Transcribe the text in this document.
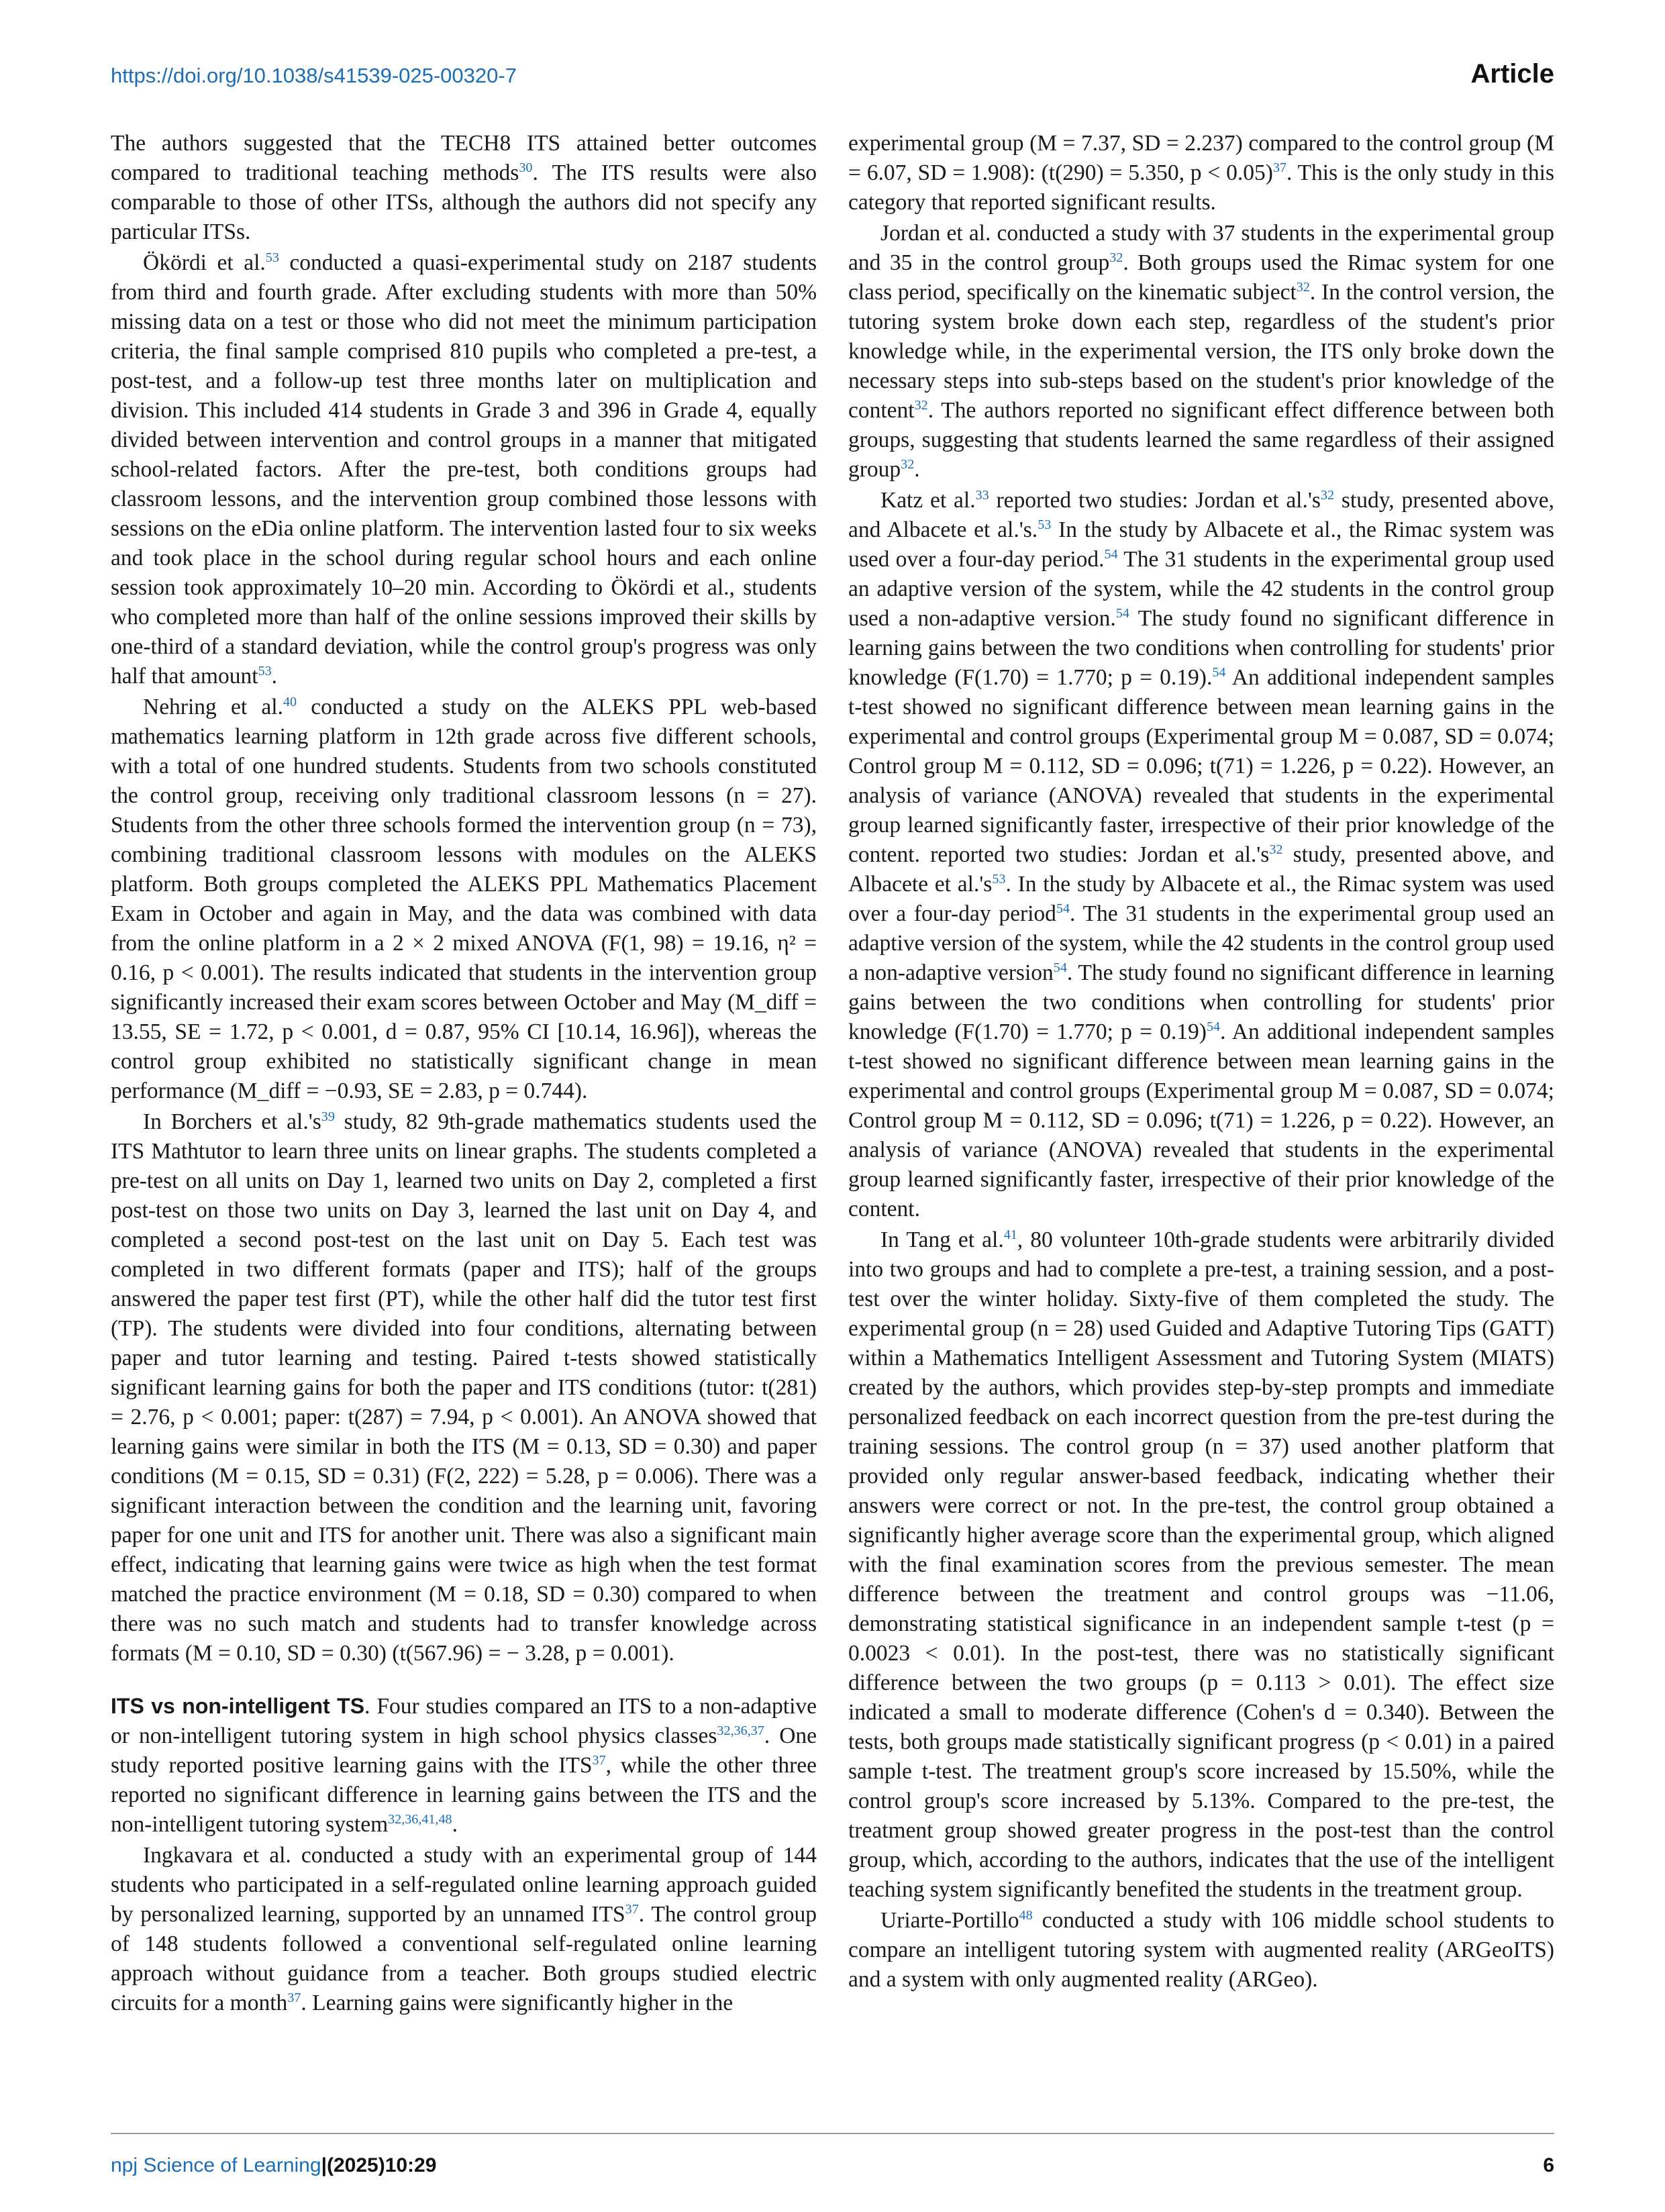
https://doi.org/10.1038/s41539-025-00320-7	Article

The authors suggested that the TECH8 ITS attained better outcomes compared to traditional teaching methods$^{30}$. The ITS results were also comparable to those of other ITSs, although the authors did not specify any particular ITSs.

Ökördi et al.$^{53}$ conducted a quasi-experimental study on 2187 students from third and fourth grade. After excluding students with more than 50% missing data on a test or those who did not meet the minimum participation criteria, the final sample comprised 810 pupils who completed a pre-test, a post-test, and a follow-up test three months later on multiplication and division. This included 414 students in Grade 3 and 396 in Grade 4, equally divided between intervention and control groups in a manner that mitigated school-related factors. After the pre-test, both conditions groups had classroom lessons, and the intervention group combined those lessons with sessions on the eDia online platform. The intervention lasted four to six weeks and took place in the school during regular school hours and each online session took approximately 10–20 min. According to Ökördi et al., students who completed more than half of the online sessions improved their skills by one-third of a standard deviation, while the control group's progress was only half that amount$^{53}$.

Nehring et al.$^{40}$ conducted a study on the ALEKS PPL web-based mathematics learning platform in 12th grade across five different schools, with a total of one hundred students. Students from two schools constituted the control group, receiving only traditional classroom lessons (n = 27). Students from the other three schools formed the intervention group (n = 73), combining traditional classroom lessons with modules on the ALEKS platform. Both groups completed the ALEKS PPL Mathematics Placement Exam in October and again in May, and the data was combined with data from the online platform in a 2 × 2 mixed ANOVA (F(1, 98) = 19.16, η² = 0.16, p < 0.001). The results indicated that students in the intervention group significantly increased their exam scores between October and May (M_diff = 13.55, SE = 1.72, p < 0.001, d = 0.87, 95% CI [10.14, 16.96]), whereas the control group exhibited no statistically significant change in mean performance (M_diff = −0.93, SE = 2.83, p = 0.744).

In Borchers et al.'s$^{39}$ study, 82 9th-grade mathematics students used the ITS Mathtutor to learn three units on linear graphs. The students completed a pre-test on all units on Day 1, learned two units on Day 2, completed a first post-test on those two units on Day 3, learned the last unit on Day 4, and completed a second post-test on the last unit on Day 5. Each test was completed in two different formats (paper and ITS); half of the groups answered the paper test first (PT), while the other half did the tutor test first (TP). The students were divided into four conditions, alternating between paper and tutor learning and testing. Paired t-tests showed statistically significant learning gains for both the paper and ITS conditions (tutor: t(281) = 2.76, p < 0.001; paper: t(287) = 7.94, p < 0.001). An ANOVA showed that learning gains were similar in both the ITS (M = 0.13, SD = 0.30) and paper conditions (M = 0.15, SD = 0.31) (F(2, 222) = 5.28, p = 0.006). There was a significant interaction between the condition and the learning unit, favoring paper for one unit and ITS for another unit. There was also a significant main effect, indicating that learning gains were twice as high when the test format matched the practice environment (M = 0.18, SD = 0.30) compared to when there was no such match and students had to transfer knowledge across formats (M = 0.10, SD = 0.30) (t(567.96) = − 3.28, p = 0.001).

ITS vs non-intelligent TS. Four studies compared an ITS to a non-adaptive or non-intelligent tutoring system in high school physics classes$^{32,36,37}$. One study reported positive learning gains with the ITS$^{37}$, while the other three reported no significant difference in learning gains between the ITS and the non-intelligent tutoring system$^{32,36,41,48}$.

Ingkavara et al. conducted a study with an experimental group of 144 students who participated in a self-regulated online learning approach guided by personalized learning, supported by an unnamed ITS$^{37}$. The control group of 148 students followed a conventional self-regulated online learning approach without guidance from a teacher. Both groups studied electric circuits for a month$^{37}$. Learning gains were significantly higher in the

experimental group (M = 7.37, SD = 2.237) compared to the control group (M = 6.07, SD = 1.908): (t(290) = 5.350, p < 0.05)$^{37}$. This is the only study in this category that reported significant results.

Jordan et al. conducted a study with 37 students in the experimental group and 35 in the control group$^{32}$. Both groups used the Rimac system for one class period, specifically on the kinematic subject$^{32}$. In the control version, the tutoring system broke down each step, regardless of the student's prior knowledge while, in the experimental version, the ITS only broke down the necessary steps into sub-steps based on the student's prior knowledge of the content$^{32}$. The authors reported no significant effect difference between both groups, suggesting that students learned the same regardless of their assigned group$^{32}$.

Katz et al.$^{33}$ reported two studies: Jordan et al.'s$^{32}$ study, presented above, and Albacete et al.'s.$^{53}$ In the study by Albacete et al., the Rimac system was used over a four-day period.$^{54}$ The 31 students in the experimental group used an adaptive version of the system, while the 42 students in the control group used a non-adaptive version.$^{54}$ The study found no significant difference in learning gains between the two conditions when controlling for students' prior knowledge (F(1.70) = 1.770; p = 0.19).$^{54}$ An additional independent samples t-test showed no significant difference between mean learning gains in the experimental and control groups (Experimental group M = 0.087, SD = 0.074; Control group M = 0.112, SD = 0.096; t(71) = 1.226, p = 0.22). However, an analysis of variance (ANOVA) revealed that students in the experimental group learned significantly faster, irrespective of their prior knowledge of the content. reported two studies: Jordan et al.'s$^{32}$ study, presented above, and Albacete et al.'s$^{53}$. In the study by Albacete et al., the Rimac system was used over a four-day period$^{54}$. The 31 students in the experimental group used an adaptive version of the system, while the 42 students in the control group used a non-adaptive version$^{54}$. The study found no significant difference in learning gains between the two conditions when controlling for students' prior knowledge (F(1.70) = 1.770; p = 0.19)$^{54}$. An additional independent samples t-test showed no significant difference between mean learning gains in the experimental and control groups (Experimental group M = 0.087, SD = 0.074; Control group M = 0.112, SD = 0.096; t(71) = 1.226, p = 0.22). However, an analysis of variance (ANOVA) revealed that students in the experimental group learned significantly faster, irrespective of their prior knowledge of the content.

In Tang et al.$^{41}$, 80 volunteer 10th-grade students were arbitrarily divided into two groups and had to complete a pre-test, a training session, and a post-test over the winter holiday. Sixty-five of them completed the study. The experimental group (n = 28) used Guided and Adaptive Tutoring Tips (GATT) within a Mathematics Intelligent Assessment and Tutoring System (MIATS) created by the authors, which provides step-by-step prompts and immediate personalized feedback on each incorrect question from the pre-test during the training sessions. The control group (n = 37) used another platform that provided only regular answer-based feedback, indicating whether their answers were correct or not. In the pre-test, the control group obtained a significantly higher average score than the experimental group, which aligned with the final examination scores from the previous semester. The mean difference between the treatment and control groups was −11.06, demonstrating statistical significance in an independent sample t-test (p = 0.0023 < 0.01). In the post-test, there was no statistically significant difference between the two groups (p = 0.113 > 0.01). The effect size indicated a small to moderate difference (Cohen's d = 0.340). Between the tests, both groups made statistically significant progress (p < 0.01) in a paired sample t-test. The treatment group's score increased by 15.50%, while the control group's score increased by 5.13%. Compared to the pre-test, the treatment group showed greater progress in the post-test than the control group, which, according to the authors, indicates that the use of the intelligent teaching system significantly benefited the students in the treatment group.

Uriarte-Portillo$^{48}$ conducted a study with 106 middle school students to compare an intelligent tutoring system with augmented reality (ARGeoITS) and a system with only augmented reality (ARGeo).

npj Science of Learning|(2025)10:29	6
